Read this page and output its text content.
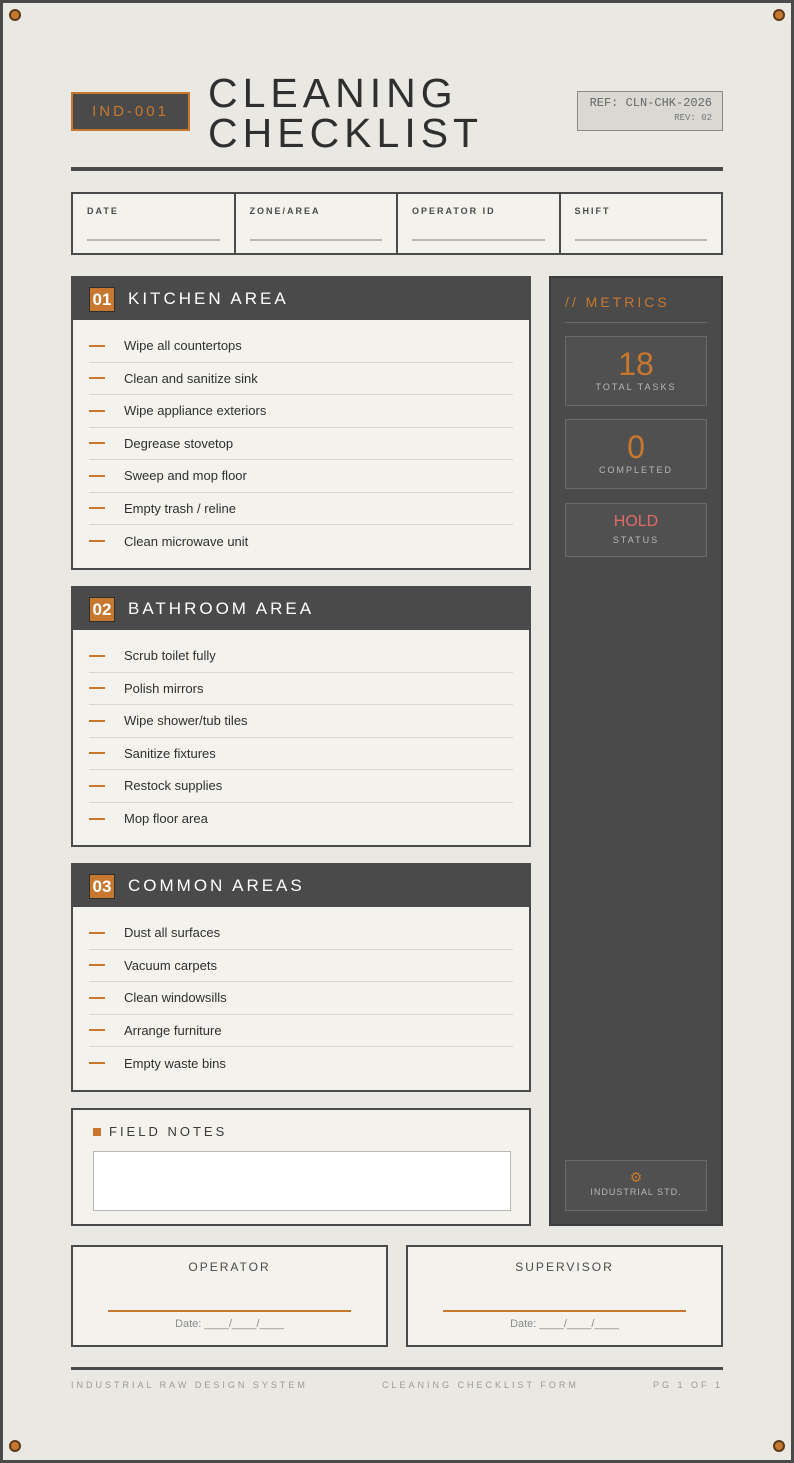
IND-001 CLEANING
CHECKLIST
REF: CLN-CHK-2026
REV: 02
DATE	ZONE/AREA	OPERATOR ID	SHIFT
01 KITCHEN AREA
Wipe all countertops
Clean and sanitize sink
Wipe appliance exteriors
Degrease stovetop
Sweep and mop floor
Empty trash / reline
Clean microwave unit
02 BATHROOM AREA
Scrub toilet fully
Polish mirrors
Wipe shower/tub tiles
Sanitize fixtures
Restock supplies
Mop floor area
03 COMMON AREAS
Dust all surfaces
Vacuum carpets
Clean windowsills
Arrange furniture
Empty waste bins
FIELD NOTES
// METRICS
18
TOTAL TASKS
0
COMPLETED
HOLD
STATUS
⚙
INDUSTRIAL STD.
OPERATOR
Date: ____/____/____
SUPERVISOR
Date: ____/____/____
INDUSTRIAL RAW DESIGN SYSTEM	CLEANING CHECKLIST FORM	PG 1 OF 1
